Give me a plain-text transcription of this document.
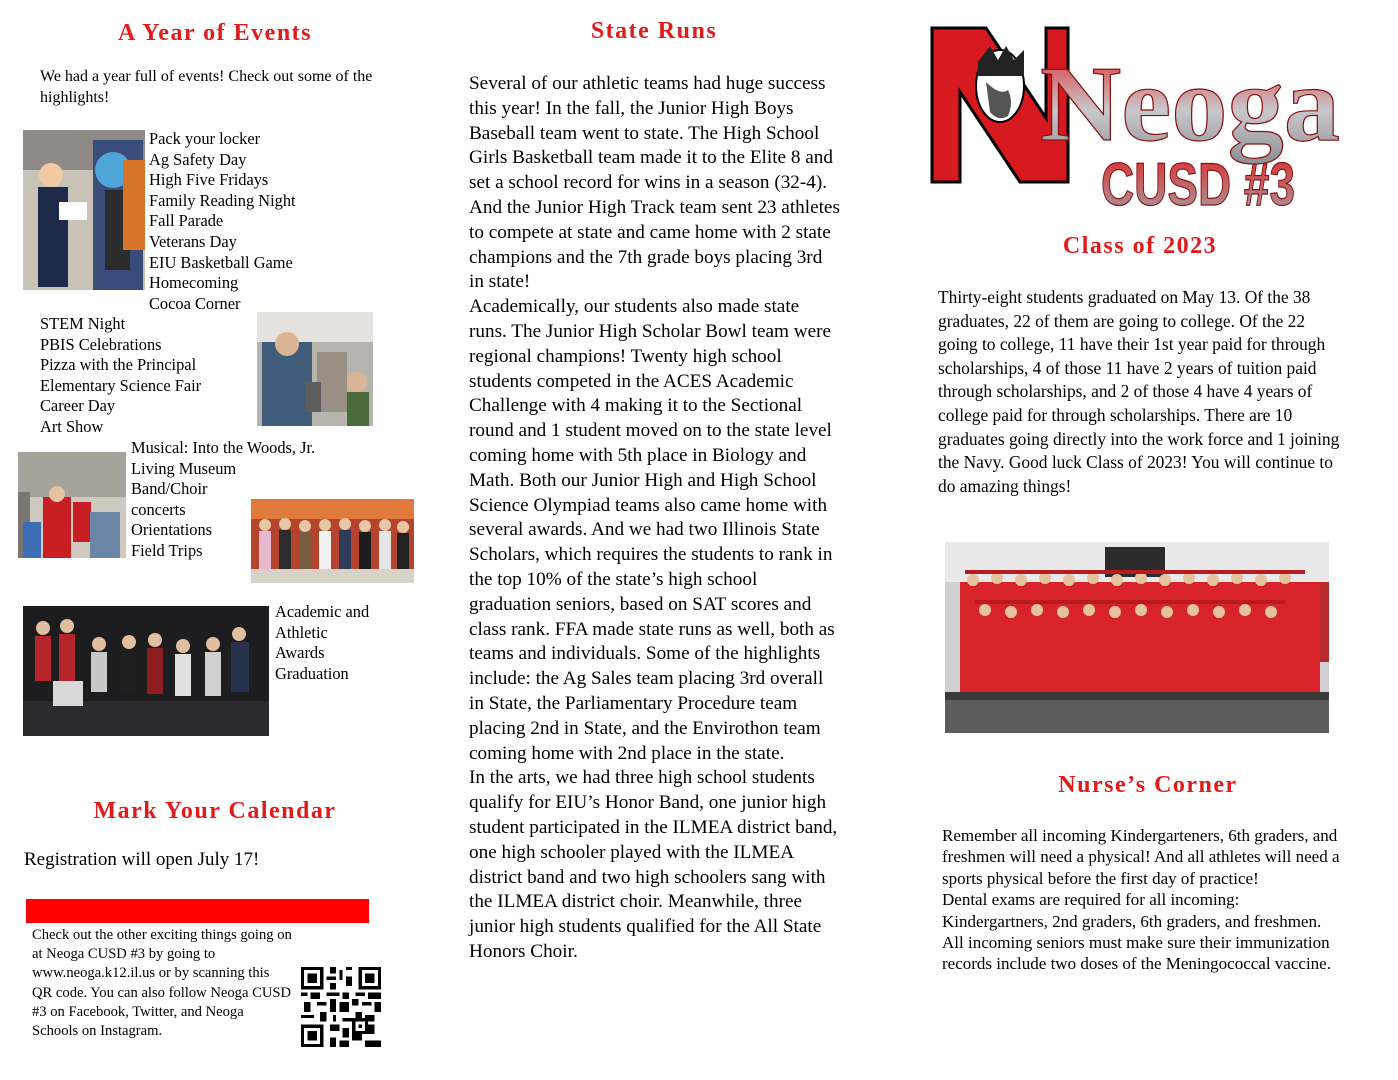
A Year of Events
We had a year full of events! Check out some of the highlights!
Pack your locker
Ag Safety Day
High Five Fridays
Family Reading Night
Fall Parade
Veterans Day
EIU Basketball Game
Homecoming
Cocoa Corner
STEM Night
PBIS Celebrations
Pizza with the Principal
Elementary Science Fair
Career Day
Art Show
Musical: Into the Woods, Jr.
Living Museum
Band/Choir
concerts
Orientations
Field Trips
Academic and
Athletic
Awards
Graduation
Mark Your Calendar
Registration will open July 17!
Check out the other exciting things going on at Neoga CUSD #3 by going to www.neoga.k12.il.us or by scanning this QR code. You can also follow Neoga CUSD #3 on Facebook, Twitter, and Neoga Schools on Instagram.
State Runs
Several of our athletic teams had huge success this year! In the fall, the Junior High Boys Baseball team went to state. The High School Girls Basketball team made it to the Elite 8 and set a school record for wins in a season (32-4). And the Junior High Track team sent 23 athletes to compete at state and came home with 2 state champions and the 7th grade boys placing 3rd in state!
Academically, our students also made state runs. The Junior High Scholar Bowl team were regional champions! Twenty high school students competed in the ACES Academic Challenge with 4 making it to the Sectional round and 1 student moved on to the state level coming home with 5th place in Biology and Math. Both our Junior High and High School Science Olympiad teams also came home with several awards. And we had two Illinois State Scholars, which requires the students to rank in the top 10% of the state’s high school graduation seniors, based on SAT scores and class rank. FFA made state runs as well, both as teams and individuals. Some of the highlights include: the Ag Sales team placing 3rd overall in State, the Parliamentary Procedure team placing 2nd in State, and the Envirothon team coming home with 2nd place in the state.
In the arts, we had three high school students qualify for EIU’s Honor Band, one junior high student participated in the ILMEA district band, one high schooler played with the ILMEA district band and two high schoolers sang with the ILMEA district choir. Meanwhile, three junior high students qualified for the All State Honors Choir.
Neoga
CUSD #3
Class of 2023
Thirty-eight students graduated on May 13. Of the 38 graduates, 22 of them are going to college. Of the 22 going to college, 11 have their 1st year paid for through scholarships, 4 of those 11 have 2 years of tuition paid through scholarships, and 2 of those 4 have 4 years of college paid for through scholarships. There are 10 graduates going directly into the work force and 1 joining the Navy. Good luck Class of 2023! You will continue to do amazing things!
Nurse’s Corner
Remember all incoming Kindergarteners, 6th graders, and freshmen will need a physical! And all athletes will need a sports physical before the first day of practice!
Dental exams are required for all incoming: Kindergartners, 2nd graders, 6th graders, and freshmen.
All incoming seniors must make sure their immunization records include two doses of the Meningococcal vaccine.
